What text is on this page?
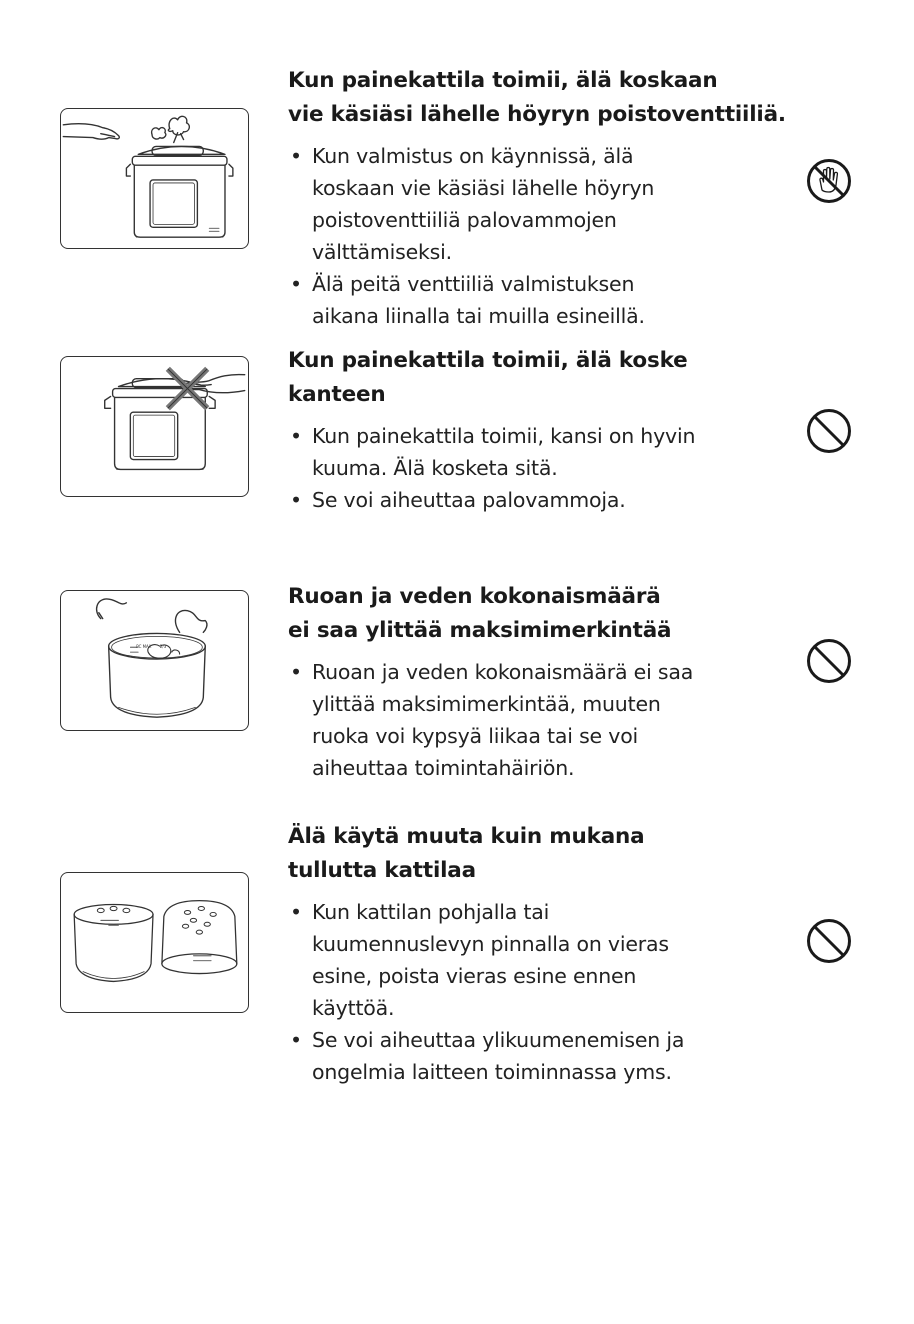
Kun painekattila toimii, älä koskaan
vie käsiäsi lähelle höyryn poistoventtiiliä.
• Kun valmistus on käynnissä, älä
koskaan vie käsiäsi lähelle höyryn
poistoventtiiliä palovammojen
välttämiseksi.
• Älä peitä venttiiliä valmistuksen
aikana liinalla tai muilla esineillä.
Kun painekattila toimii, älä koske
kanteen
• Kun painekattila toimii, kansi on hyvin
kuuma. Älä kosketa sitä.
• Se voi aiheuttaa palovammoja.
PC MAX 2/3
Ruoan ja veden kokonaismäärä
ei saa ylittää maksimimerkintää
• Ruoan ja veden kokonaismäärä ei saa
ylittää maksimimerkintää, muuten
ruoka voi kypsyä liikaa tai se voi
aiheuttaa toimintahäiriön.
Älä käytä muuta kuin mukana
tullutta kattilaa
• Kun kattilan pohjalla tai
kuumennuslevyn pinnalla on vieras
esine, poista vieras esine ennen
käyttöä.
• Se voi aiheuttaa ylikuumenemisen ja
ongelmia laitteen toiminnassa yms.
